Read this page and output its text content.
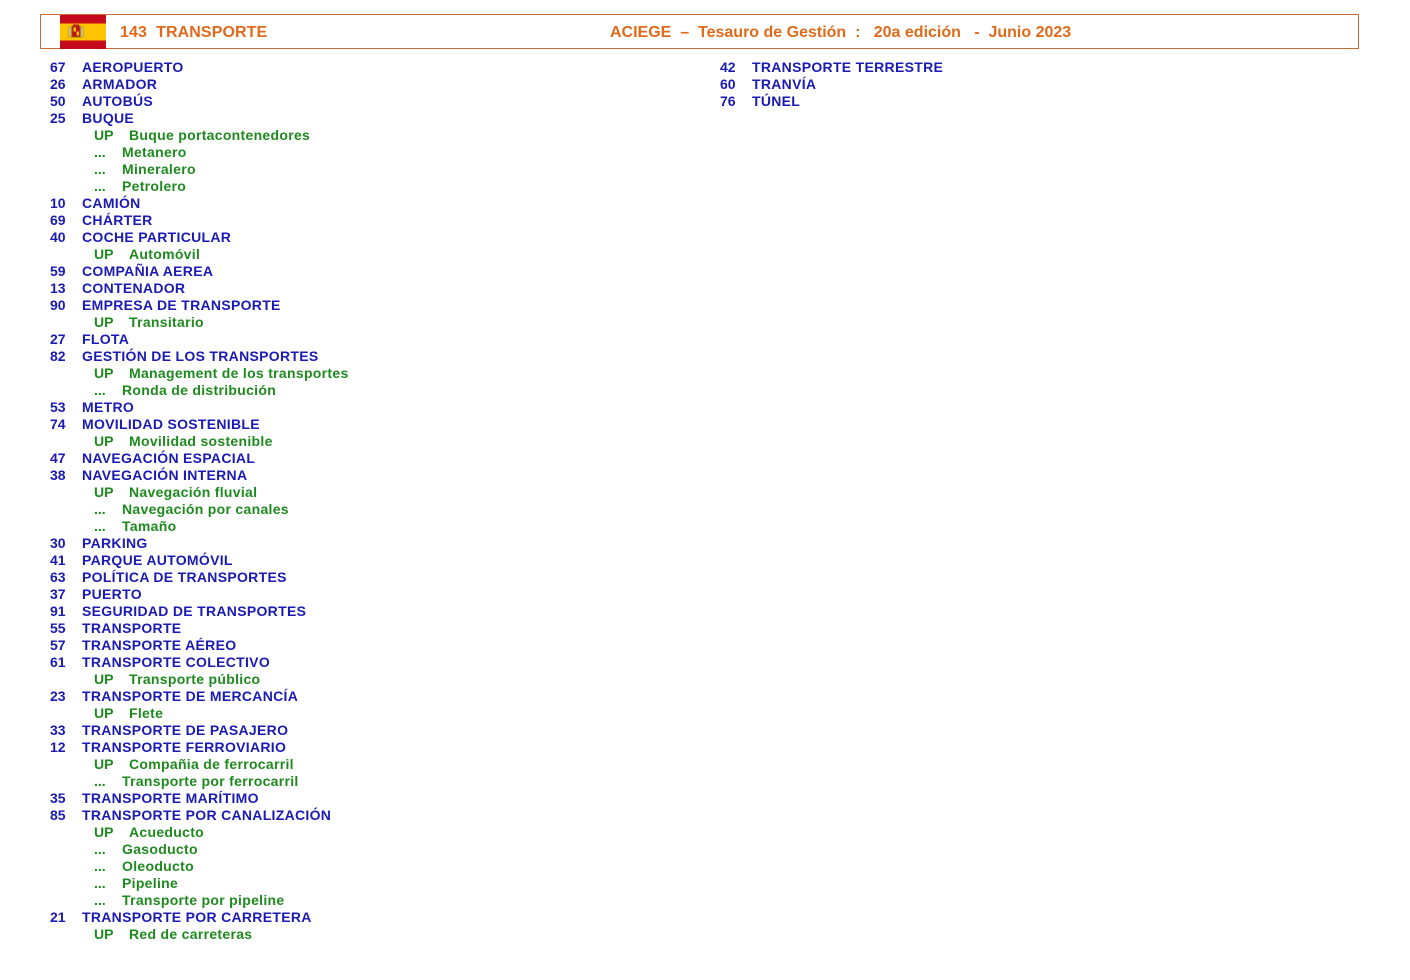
143  TRANSPORTE	ACIEGE  –  Tesauro de Gestión  :   20a edición   -  Junio 2023
67	AEROPUERTO
26	ARMADOR
50	AUTOBÚS
25	BUQUE
UP Buque portacontenedores
... Metanero
... Mineralero
... Petrolero
10	CAMIÓN
69	CHÁRTER
40	COCHE PARTICULAR
UP Automóvil
59	COMPAÑIA AEREA
13	CONTENADOR
90	EMPRESA DE TRANSPORTE
UP Transitario
27	FLOTA
82	GESTIÓN DE LOS TRANSPORTES
UP Management de los transportes
... Ronda de distribución
53	METRO
74	MOVILIDAD SOSTENIBLE
UP Movilidad sostenible
47	NAVEGACIÓN ESPACIAL
38	NAVEGACIÓN INTERNA
UP Navegación fluvial
... Navegación por canales
... Tamaño
30	PARKING
41	PARQUE AUTOMÓVIL
63	POLÍTICA DE TRANSPORTES
37	PUERTO
91	SEGURIDAD DE TRANSPORTES
55	TRANSPORTE
57	TRANSPORTE AÉREO
61	TRANSPORTE COLECTIVO
UP Transporte público
23	TRANSPORTE DE MERCANCÍA
UP Flete
33	TRANSPORTE DE PASAJERO
12	TRANSPORTE FERROVIARIO
UP Compañia de ferrocarril
... Transporte por ferrocarril
35	TRANSPORTE MARÍTIMO
85	TRANSPORTE POR CANALIZACIÓN
UP Acueducto
... Gasoducto
... Oleoducto
... Pipeline
... Transporte por pipeline
21	TRANSPORTE POR CARRETERA
UP Red de carreteras
42	TRANSPORTE TERRESTRE
60	TRANVÍA
76	TÚNEL
